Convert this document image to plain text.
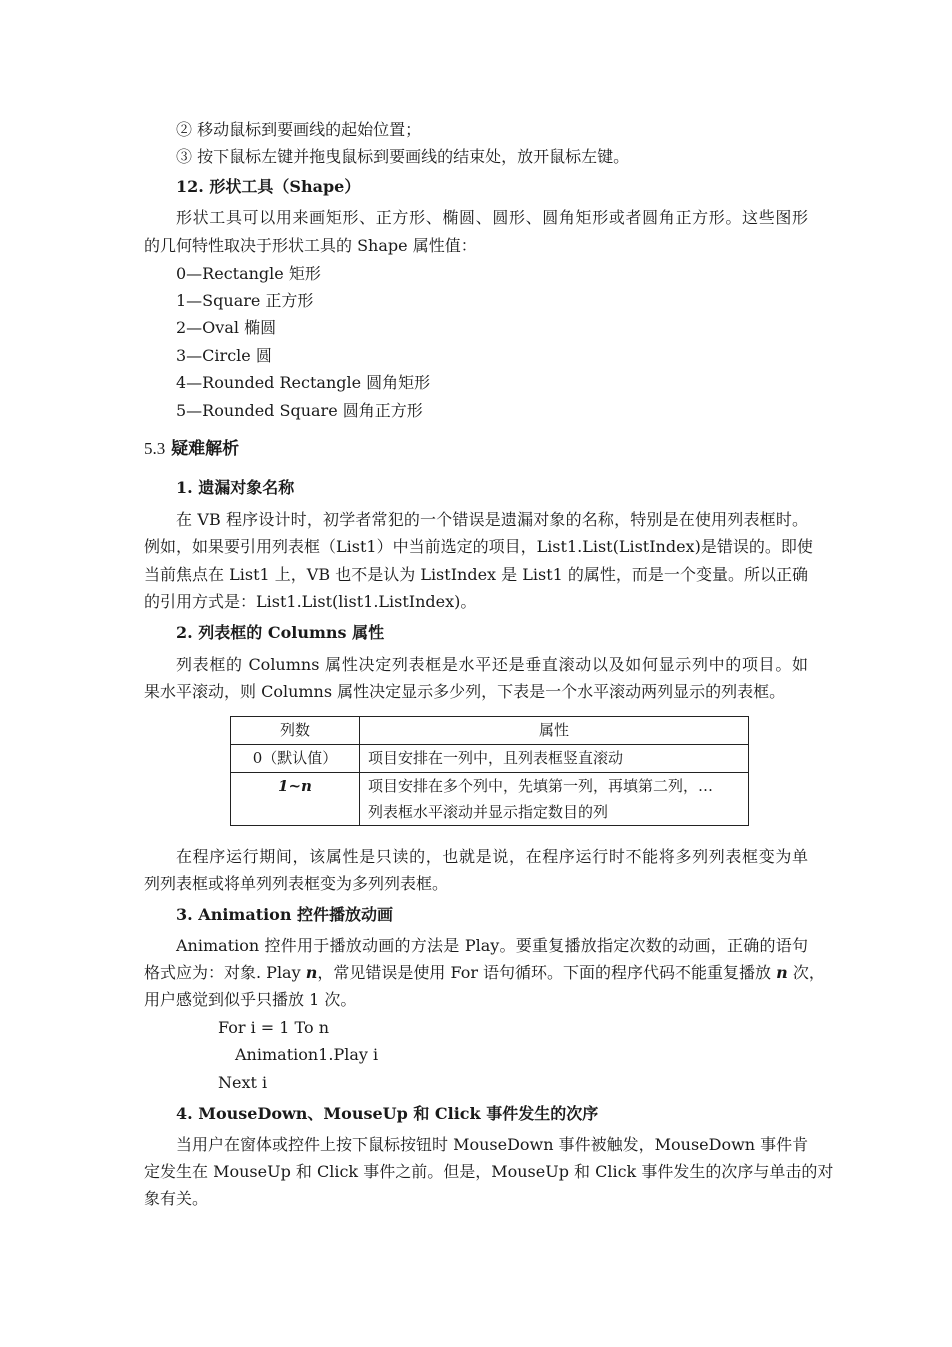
② 移动鼠标到要画线的起始位置；
③ 按下鼠标左键并拖曳鼠标到要画线的结束处，放开鼠标左键。
12. 形状工具（Shape）
形状工具可以用来画矩形、正方形、椭圆、圆形、圆角矩形或者圆角正方形。这些图形
的几何特性取决于形状工具的 Shape 属性值：
0—Rectangle 矩形
1—Square 正方形
2—Oval 椭圆
3—Circle 圆
4—Rounded Rectangle 圆角矩形
5—Rounded Square 圆角正方形
5.3 疑难解析
1. 遗漏对象名称
在 VB 程序设计时，初学者常犯的一个错误是遗漏对象的名称，特别是在使用列表框时。
例如，如果要引用列表框（List1）中当前选定的项目，List1.List(ListIndex)是错误的。即使
当前焦点在 List1 上，VB 也不是认为 ListIndex 是 List1 的属性，而是一个变量。所以正确
的引用方式是：List1.List(list1.ListIndex)。
2. 列表框的 Columns 属性
列表框的 Columns 属性决定列表框是水平还是垂直滚动以及如何显示列中的项目。如
果水平滚动，则 Columns 属性决定显示多少列，下表是一个水平滚动两列显示的列表框。
列数	属性
0（默认值）	项目安排在一列中，且列表框竖直滚动
1~n	项目安排在多个列中，先填第一列，再填第二列，…
列表框水平滚动并显示指定数目的列
在程序运行期间，该属性是只读的，也就是说，在程序运行时不能将多列列表框变为单
列列表框或将单列列表框变为多列列表框。
3. Animation 控件播放动画
Animation 控件用于播放动画的方法是 Play。要重复播放指定次数的动画，正确的语句
格式应为：对象. Play n，常见错误是使用 For 语句循环。下面的程序代码不能重复播放 n 次，
用户感觉到似乎只播放 1 次。
For i = 1 To n
Animation1.Play i
Next i
4. MouseDown、MouseUp 和 Click 事件发生的次序
当用户在窗体或控件上按下鼠标按钮时 MouseDown 事件被触发，MouseDown 事件肯
定发生在 MouseUp 和 Click 事件之前。但是，MouseUp 和 Click 事件发生的次序与单击的对
象有关。
